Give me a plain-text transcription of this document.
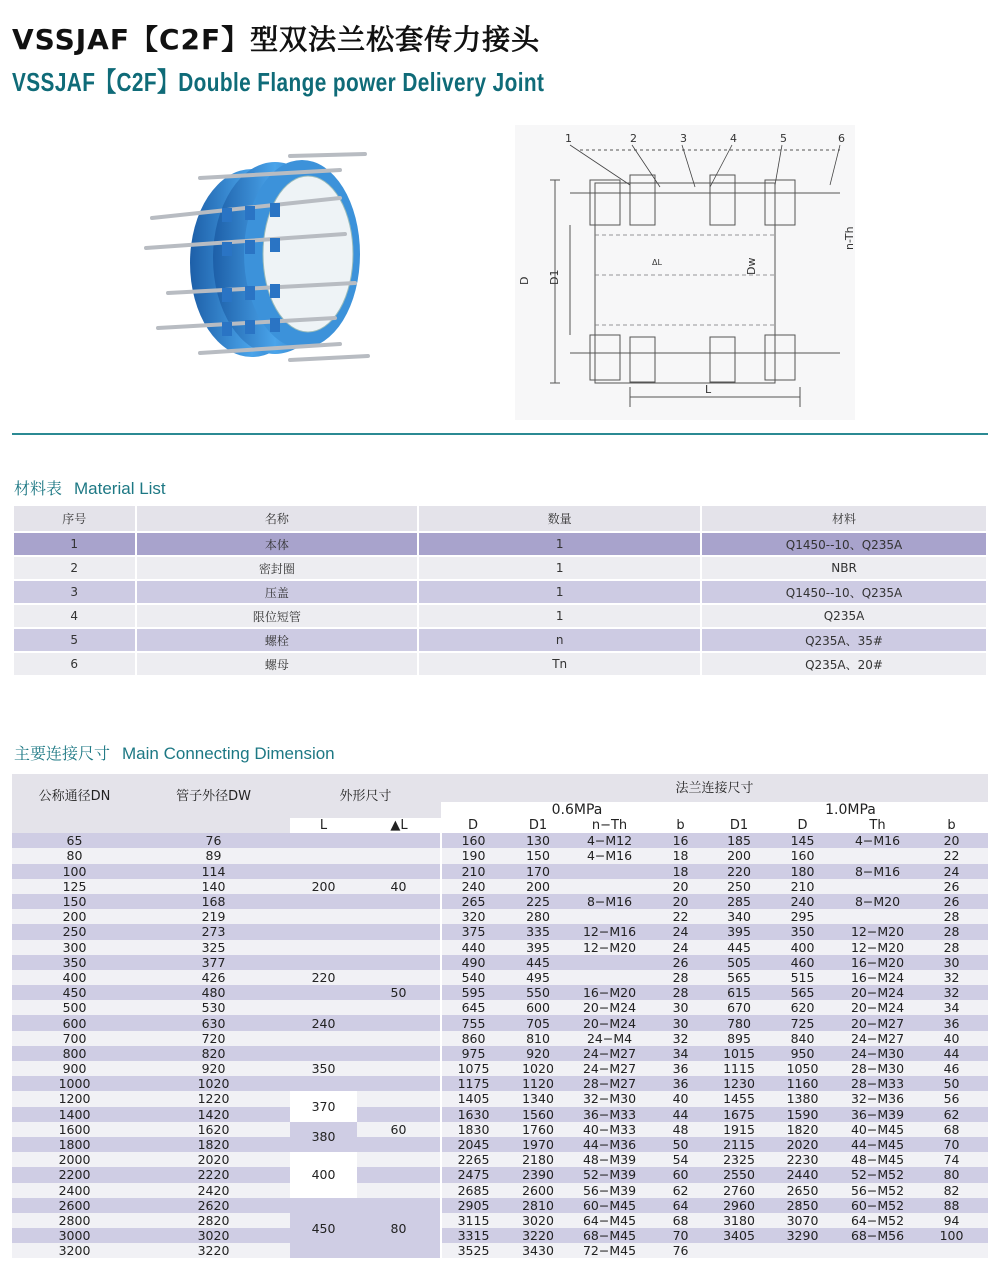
VSSJAF【C2F】型双法兰松套传力接头
VSSJAF【C2F】Double Flange power Delivery Joint
1	2	3	4	5	6
D D1
Dw
n-Th
L
ΔL
材料表 Material List
序号	名称	数量	材料
1	本体	1	Q1450--10、Q235A
2	密封圈	1	NBR
3	压盖	1	Q1450--10、Q235A
4	限位短管	1	Q235A
5	螺栓	n	Q235A、35#
6	螺母	Tn	Q235A、20#
主要连接尺寸 Main Connecting Dimension
公称通径DN	管子外径DW	外形尺寸		法兰连接尺寸							
				0.6MPa				1.0MPa			
		L	▲L	D	D1	n−Th	b	D1	D	Th	b
65	76			160	130	4−M12	16	185	145	4−M16	20
80	89			190	150	4−M16	18	200	160		22
100	114			210	170		18	220	180	8−M16	24
125	140	200	40	240	200		20	250	210		26
150	168			265	225	8−M16	20	285	240	8−M20	26
200	219			320	280		22	340	295		28
250	273			375	335	12−M16	24	395	350	12−M20	28
300	325			440	395	12−M20	24	445	400	12−M20	28
350	377			490	445		26	505	460	16−M20	30
400	426	220		540	495		28	565	515	16−M24	32
450	480		50	595	550	16−M20	28	615	565	20−M24	32
500	530			645	600	20−M24	30	670	620	20−M24	34
600	630	240		755	705	20−M24	30	780	725	20−M27	36
700	720			860	810	24−M4	32	895	840	24−M27	40
800	820			975	920	24−M27	34	1015	950	24−M30	44
900	920	350		1075	1020	24−M27	36	1115	1050	28−M30	46
1000	1020			1175	1120	28−M27	36	1230	1160	28−M33	50
1200	1220	370		1405	1340	32−M30	40	1455	1380	32−M36	56
1400	1420			1630	1560	36−M33	44	1675	1590	36−M39	62
1600	1620	380	60	1830	1760	40−M33	48	1915	1820	40−M45	68
1800	1820			2045	1970	44−M36	50	2115	2020	44−M45	70
2000	2020	400		2265	2180	48−M39	54	2325	2230	48−M45	74
2200	2220			2475	2390	52−M39	60	2550	2440	52−M52	80
2400	2420			2685	2600	56−M39	62	2760	2650	56−M52	82
2600	2620	450	80	2905	2810	60−M45	64	2960	2850	60−M52	88
2800	2820			3115	3020	64−M45	68	3180	3070	64−M52	94
3000	3020			3315	3220	68−M45	70	3405	3290	68−M56	100
3200	3220			3525	3430	72−M45	76				
